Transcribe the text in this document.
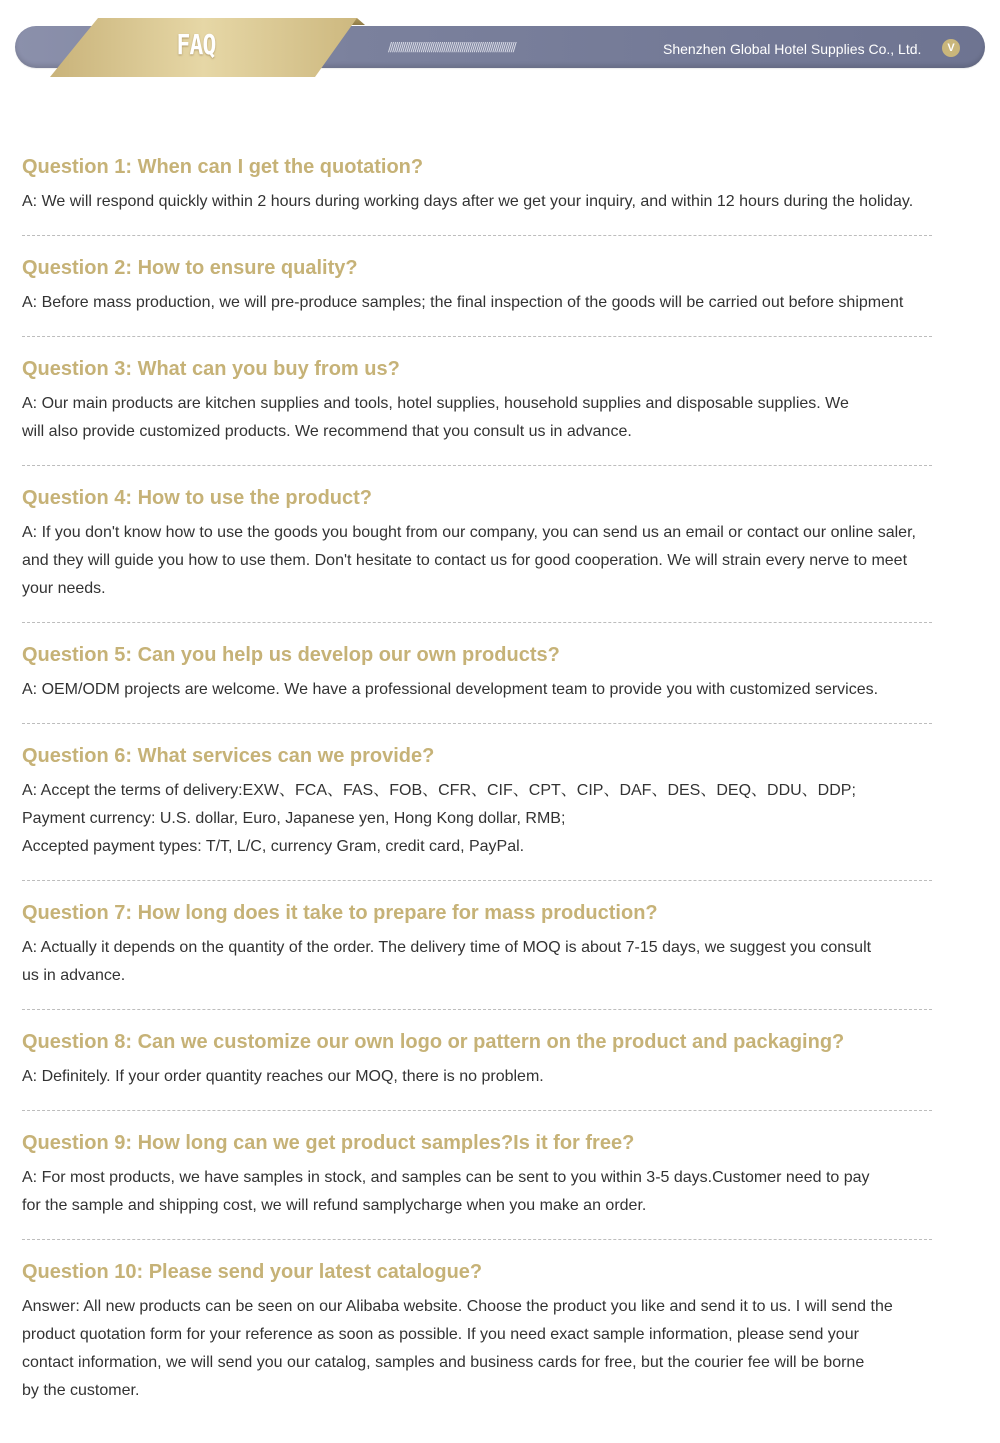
FAQ	//////////////////////////////////////////////////////////////	Shenzhen Global Hotel Supplies Co., Ltd.	V
Question 1: When can I get the quotation?

A: We will respond quickly within 2 hours during working days after we get your inquiry, and within 12 hours during the holiday.

Question 2: How to ensure quality?

A: Before mass production, we will pre-produce samples; the final inspection of the goods will be carried out before shipment

Question 3: What can you buy from us?

A: Our main products are kitchen supplies and tools, hotel supplies, household supplies and disposable supplies. We
will also provide customized products. We recommend that you consult us in advance.

Question 4: How to use the product?

A: If you don't know how to use the goods you bought from our company, you can send us an email or contact our online saler,
and they will guide you how to use them. Don't hesitate to contact us for good cooperation. We will strain every nerve to meet
your needs.

Question 5: Can you help us develop our own products?

A: OEM/ODM projects are welcome. We have a professional development team to provide you with customized services.

Question 6: What services can we provide?

A: Accept the terms of delivery:EXW、FCA、FAS、FOB、CFR、CIF、CPT、CIP、DAF、DES、DEQ、DDU、DDP;
Payment currency: U.S. dollar, Euro, Japanese yen, Hong Kong dollar, RMB;
Accepted payment types: T/T, L/C, currency Gram, credit card, PayPal.

Question 7: How long does it take to prepare for mass production?

A: Actually it depends on the quantity of the order. The delivery time of MOQ is about 7-15 days, we suggest you consult
us in advance.

Question 8: Can we customize our own logo or pattern on the product and packaging?

A: Definitely. If your order quantity reaches our MOQ, there is no problem.

Question 9: How long can we get product samples?Is it for free?

A: For most products, we have samples in stock, and samples can be sent to you within 3-5 days.Customer need to pay
for the sample and shipping cost, we will refund samplycharge when you make an order.

Question 10: Please send your latest catalogue?

Answer: All new products can be seen on our Alibaba website. Choose the product you like and send it to us. I will send the
product quotation form for your reference as soon as possible. If you need exact sample information, please send your
contact information, we will send you our catalog, samples and business cards for free, but the courier fee will be borne
by the customer.
